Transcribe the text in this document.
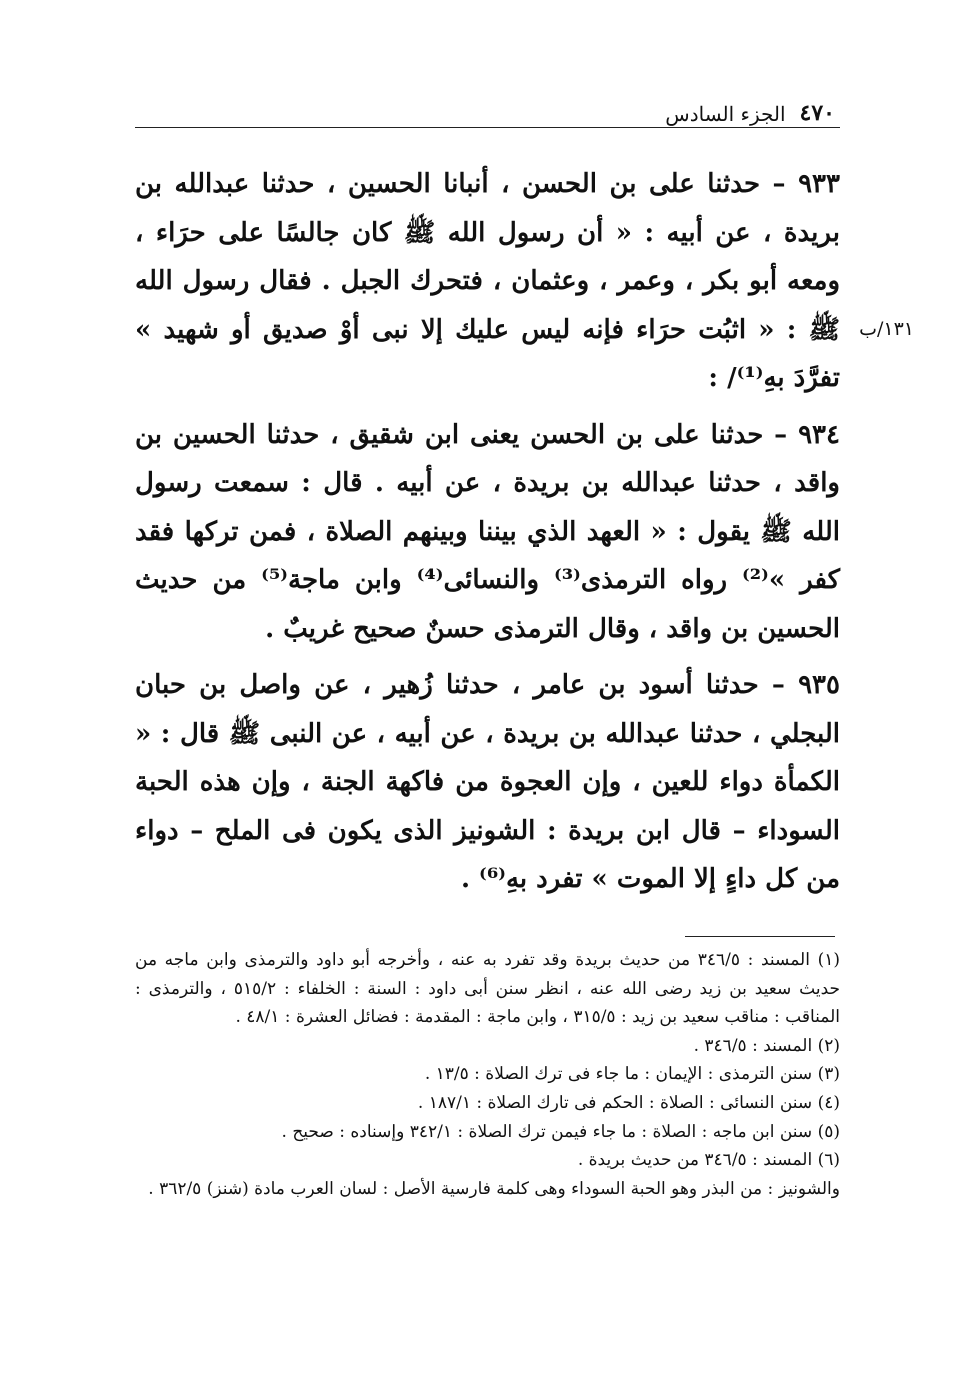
٤٧٠
الجزء السادس
١٣١/ب

٩٣٣ – حدثنا على بن الحسن ، أنبانا الحسين ، حدثنا عبدالله بن بريدة ، عن أبيه : « أن رسول الله ﷺ كان جالسًا على حرَاء ، ومعه أبو بكر ، وعمر ، وعثمان ، فتحرك الجبل . فقال رسول الله ﷺ : « اثبُت حرَاء فإنه ليس عليك إلا نبى أوْ صديق أو شهيد » تفرَّدَ بهِ⁽¹⁾/ :

٩٣٤ – حدثنا على بن الحسن يعنى ابن شقيق ، حدثنا الحسين بن واقد ، حدثنا عبدالله بن بريدة ، عن أبيه . قال : سمعت رسول الله ﷺ يقول : « العهد الذي بيننا وبينهم الصلاة ، فمن تركها فقد كفر »⁽²⁾ رواه الترمذى⁽³⁾ والنسائى⁽⁴⁾ وابن ماجة⁽⁵⁾ من حديث الحسين بن واقد ، وقال الترمذى حسنٌ صحيح غريبٌ .

٩٣٥ – حدثنا أسود بن عامر ، حدثنا زُهير ، عن واصل بن حبان البجلي ، حدثنا عبدالله بن بريدة ، عن أبيه ، عن النبى ﷺ قال : « الكمأة دواء للعين ، وإن العجوة من فاكهة الجنة ، وإن هذه الحبة السوداء – قال ابن بريدة : الشونيز الذى يكون فى الملح – دواء من كل داءٍ إلا الموت » تفرد بهِ⁽⁶⁾ .

(١) المسند : ٣٤٦/٥ من حديث بريدة وقد تفرد به عنه ، وأخرجه أبو داود والترمذى وابن ماجه من حديث سعيد بن زيد رضى الله عنه ، انظر سنن أبى داود : السنة : الخلفاء : ٥١٥/٢ ، والترمذى : المناقب : مناقب سعيد بن زيد : ٣١٥/٥ ، وابن ماجة : المقدمة : فضائل العشرة : ٤٨/١ .

(٢) المسند : ٣٤٦/٥ .

(٣) سنن الترمذى : الإيمان : ما جاء فى ترك الصلاة : ١٣/٥ .

(٤) سنن النسائى : الصلاة : الحكم فى تارك الصلاة : ١٨٧/١ .

(٥) سنن ابن ماجه : الصلاة : ما جاء فيمن ترك الصلاة : ٣٤٢/١ وإسناده : صحيح .

(٦) المسند : ٣٤٦/٥ من حديث بريدة .

والشونيز : من البذر وهو الحبة السوداء وهى كلمة فارسية الأصل : لسان العرب مادة (شنز) ٣٦٢/٥ .
